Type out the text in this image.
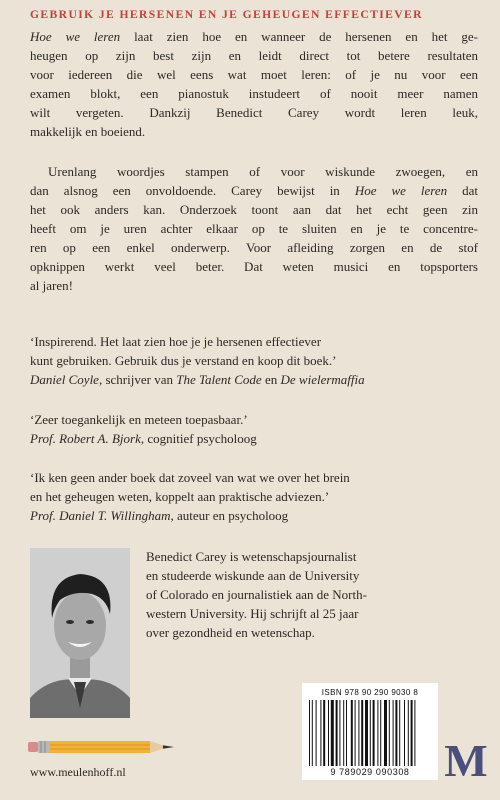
GEBRUIK JE HERSENEN EN JE GEHEUGEN EFFECTIEVER
Hoe we leren laat zien hoe en wanneer de hersenen en het ge-
heugen op zijn best zijn en leidt direct tot betere resultaten
voor iedereen die wel eens wat moet leren: of je nu voor een
examen blokt, een pianostuk instudeert of nooit meer namen
wilt vergeten. Dankzij Benedict Carey wordt leren leuk,
makkelijk en boeiend.
Urenlang woordjes stampen of voor wiskunde zwoegen, en
dan alsnog een onvoldoende. Carey bewijst in Hoe we leren dat
het ook anders kan. Onderzoek toont aan dat het echt geen zin
heeft om je uren achter elkaar op te sluiten en je te concentre-
ren op een enkel onderwerp. Voor afleiding zorgen en de stof
opknippen werkt veel beter. Dat weten musici en topsporters
al jaren!
‘Inspirerend. Het laat zien hoe je je hersenen effectiever
kunt gebruiken. Gebruik dus je verstand en koop dit boek.’
Daniel Coyle, schrijver van The Talent Code en De wielermaffia
‘Zeer toegankelijk en meteen toepasbaar.’
Prof. Robert A. Bjork, cognitief psycholoog
‘Ik ken geen ander boek dat zoveel van wat we over het brein
en het geheugen weten, koppelt aan praktische adviezen.’
Prof. Daniel T. Willingham, auteur en psycholoog
Benedict Carey is wetenschapsjournalist
en studeerde wiskunde aan de University
of Colorado en journalistiek aan de North-
western University. Hij schrijft al 25 jaar
over gezondheid en wetenschap.
www.meulenhoff.nl
ISBN 978 90 290 9030 8
9 789029 090308 M
